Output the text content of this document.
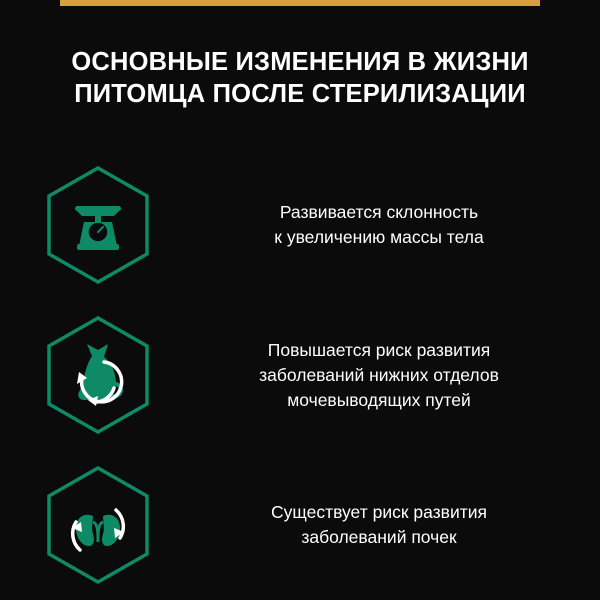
ОСНОВНЫЕ ИЗМЕНЕНИЯ В ЖИЗНИ
ПИТОМЦА ПОСЛЕ СТЕРИЛИЗАЦИИ
Развивается склонность
к увеличению массы тела
Повышается риск развития
заболеваний нижних отделов
мочевыводящих путей
Существует риск развития
заболеваний почек
